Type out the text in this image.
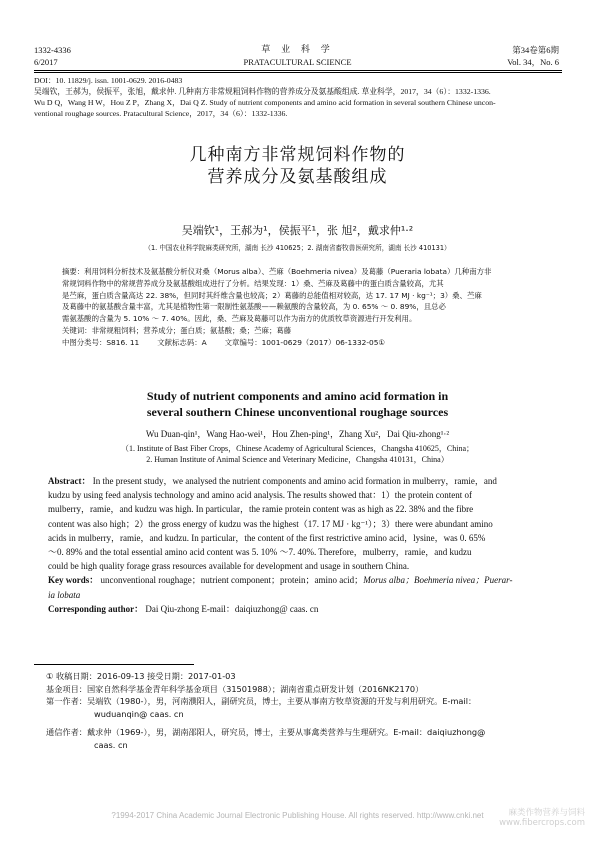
1332-4336
6/2017
草 业 科 学
PRATACULTURAL SCIENCE
第34卷第6期
Vol. 34，No. 6
DOI：10. 11829/j. issn. 1001-0629. 2016-0483
吴端钦，王郝为，侯振平，张旭，戴求仲. 几种南方非常规粗饲料作物的营养成分及氨基酸组成. 草业科学，2017，34（6）：1332-1336.
Wu D Q，Wang H W，Hou Z P，Zhang X，Dai Q Z. Study of nutrient components and amino acid formation in several southern Chinese uncon-
ventional roughage sources. Pratacultural Science，2017，34（6）：1332-1336.
几种南方非常规饲料作物的
营养成分及氨基酸组成
吴端钦¹，王郝为¹，侯振平¹，张 旭²，戴求仲¹·²
（1. 中国农业科学院麻类研究所，湖南 长沙 410625；2. 湖南省畜牧兽医研究所，湖南 长沙 410131）
摘要：利用饲料分析技术及氨基酸分析仪对桑（Morus alba）、苎麻（Boehmeria nivea）及葛藤（Pueraria lobata）几种南方非
常规饲料作物中的常规营养成分及氨基酸组成进行了分析。结果发现：1）桑、苎麻及葛藤中的蛋白质含量较高，尤其
是苎麻，蛋白质含量高达 22. 38%，但同时其纤维含量也较高；2）葛藤的总能值相对较高，达 17. 17 MJ · kg⁻¹；3）桑、苎麻
及葛藤中的氨基酸含量丰富，尤其是植物性第一限制性氨基酸——赖氨酸的含量较高，为 0. 65% ～ 0. 89%，且总必
需氨基酸的含量为 5. 10% ～ 7. 40%。因此，桑、苎麻及葛藤可以作为南方的优质牧草资源进行开发利用。
关键词：非常规粗饲料；营养成分；蛋白质；氨基酸；桑；苎麻；葛藤
中图分类号：S816. 11 文献标志码：A 文章编号：1001-0629（2017）06-1332-05①
Study of nutrient components and amino acid formation in
several southern Chinese unconventional roughage sources
Wu Duan-qin¹，Wang Hao-wei¹，Hou Zhen-ping¹，Zhang Xu²，Dai Qiu-zhong¹·²
（1. Institute of Bast Fiber Crops，Chinese Academy of Agricultural Sciences，Changsha 410625，China；
2. Human Institute of Animal Science and Veterinary Medicine，Changsha 410131，China）
Abstract： In the present study，we analysed the nutrient components and amino acid formation in mulberry，ramie，and
kudzu by using feed analysis technology and amino acid analysis. The results showed that：1）the protein content of
mulberry，ramie，and kudzu was high. In particular，the ramie protein content was as high as 22. 38% and the fibre
content was also high；2）the gross energy of kudzu was the highest（17. 17 MJ · kg⁻¹）；3）there were abundant amino
acids in mulberry，ramie，and kudzu. In particular，the content of the first restrictive amino acid，lysine，was 0. 65%
～0. 89% and the total essential amino acid content was 5. 10% ～7. 40%. Therefore，mulberry，ramie，and kudzu
could be high quality forage grass resources available for development and usage in southern China.
Key words： unconventional roughage；nutrient component；protein；amino acid；Morus alba；Boehmeria nivea；Puerar-
ia lobata
Corresponding author： Dai Qiu-zhong E-mail：daiqiuzhong@ caas. cn
① 收稿日期：2016-09-13 接受日期：2017-01-03
基金项目：国家自然科学基金青年科学基金项目（31501988）；湖南省重点研发计划（2016NK2170）
第一作者：吴端钦（1980-），男，河南濮阳人，副研究员，博士，主要从事南方牧草资源的开发与利用研究。E-mail：
wuduanqin@ caas. cn
通信作者：戴求仲（1969-），男，湖南邵阳人，研究员，博士，主要从事禽类营养与生理研究。E-mail：daiqiuzhong@
caas. cn
?1994-2017 China Academic Journal Electronic Publishing House. All rights reserved. http://www.cnki.net	麻类作物营养与饲料
www.fibercrops.com
